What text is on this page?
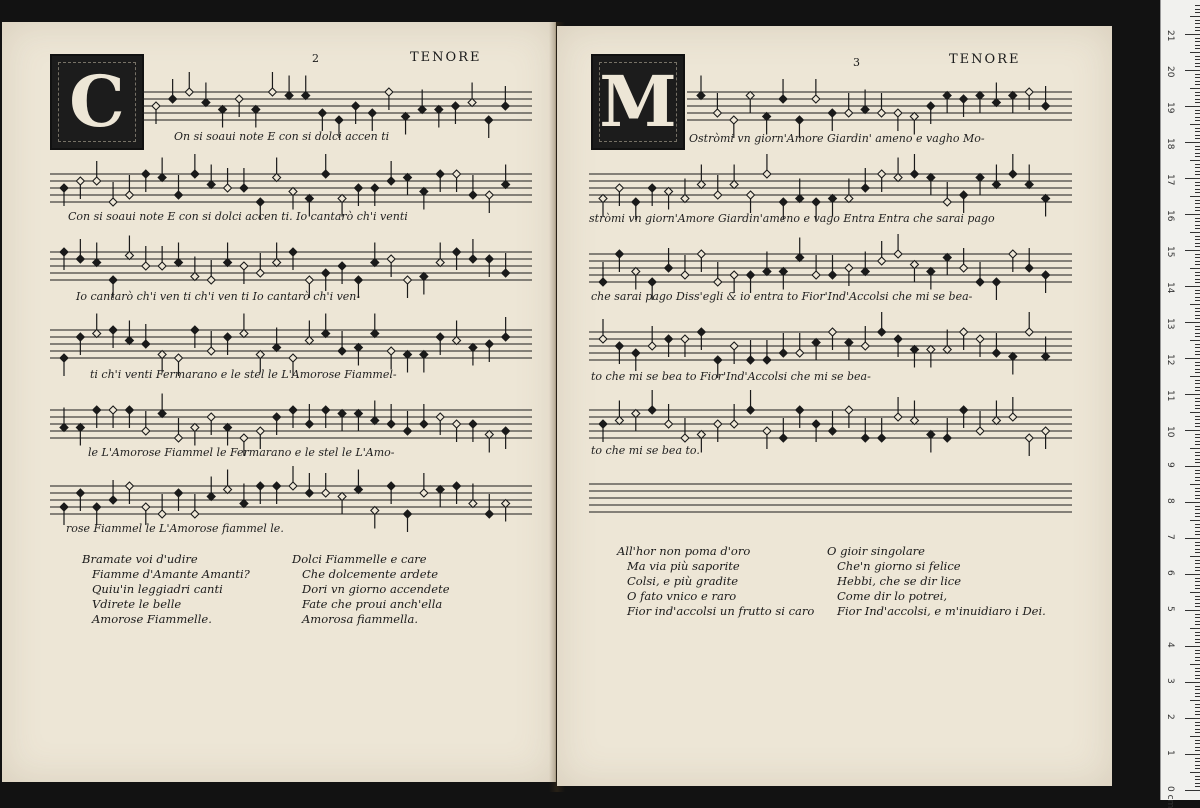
2	TENORE
C	On si soaui note E con si dolci accen ti
Con si soaui note E con si dolci accen ti. Io cantarò ch'i venti
Io cantarò ch'i ven ti ch'i ven ti Io cantarò ch'i ven-
ti ch'i venti Fermarano e le stel le L'Amorose Fiammel-
le L'Amorose Fiammel le Fermarano e le stel le L'Amo-
rose Fiammel le L'Amorose fiammel le.
Bramate voi d'udire
Fiamme d'Amante Amanti?
Quiu'in leggiadri canti
Vdirete le belle
Amorose Fiammelle.
Dolci Fiammelle e care
Che dolcemente ardete
Dori vn giorno accendete
Fate che proui anch'ella
Amorosa fiammella.
3	TENORE
M Ostròmi vn giorn'Amore Giardin' ameno e vagho Mo-
stròmi vn giorn'Amore Giardin'ameno e vago Entra Entra che sarai pago
che sarai pago Diss'egli & io entra to Fior'Ind'Accolsi che mi se bea-
to che mi se bea to Fior'Ind'Accolsi che mi se bea-
to che mi se bea to.
All'hor non poma d'oro
Ma via più saporite
Colsi, e più gradite
O fato vnico e raro
Fior ind'accolsi un frutto si caro
O gioir singolare
Che'n giorno si felice
Hebbi, che se dir lice
Come dir lo potrei,
Fior Ind'accolsi, e m'inuidiaro i Dei.
0 cm
1
2
3
4
5
6
7
8
9
10
11
12
13
14
15
16
17
18
19
20
21
